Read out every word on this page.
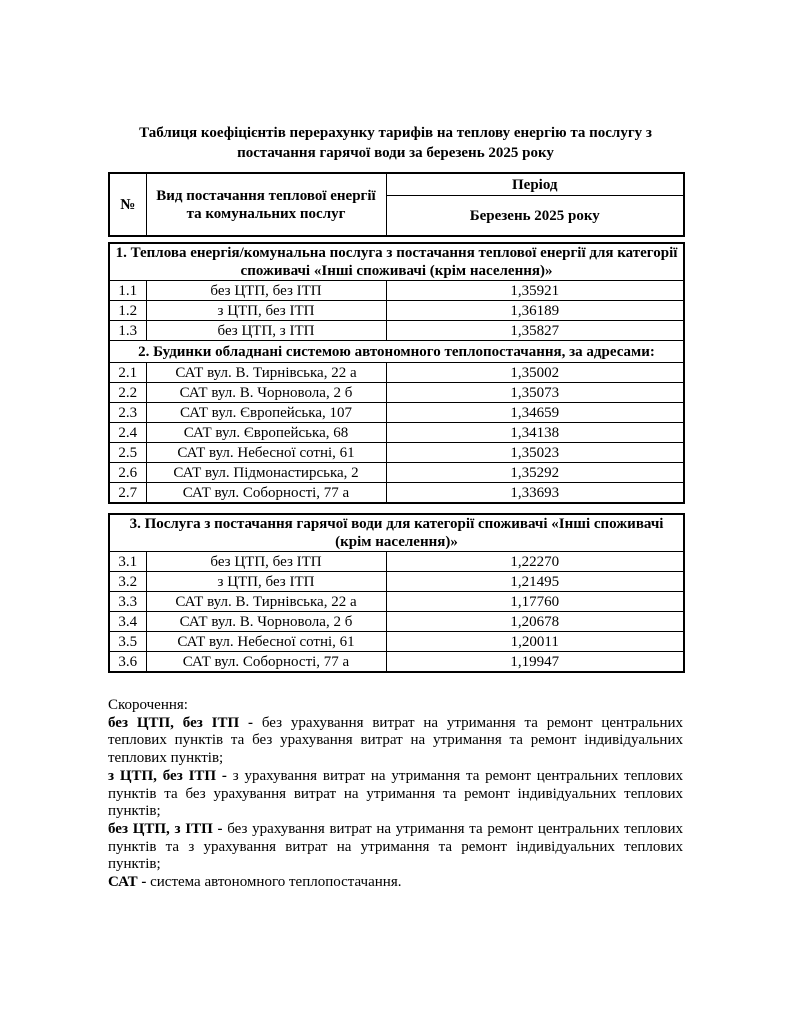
Таблиця коефіцієнтів перерахунку тарифів на теплову енергію та послугу з постачання гарячої води за березень 2025 року
№	Вид постачання теплової енергії та комунальних послуг	Період
Березень 2025 року
1. Теплова енергія/комунальна послуга з постачання теплової енергії для категорії споживачі «Інші споживачі (крім населення)»		
1.1	без ЦТП, без ІТП	1,35921
1.2	з ЦТП, без ІТП	1,36189
1.3	без ЦТП, з ІТП	1,35827
2. Будинки обладнані системою автономного теплопостачання, за адресами:		
2.1	САТ вул. В. Тирнівська, 22 а	1,35002
2.2	САТ вул. В. Чорновола, 2 б	1,35073
2.3	САТ вул. Європейська, 107	1,34659
2.4	САТ вул. Європейська, 68	1,34138
2.5	САТ вул. Небесної сотні, 61	1,35023
2.6	САТ вул. Підмонастирська, 2	1,35292
2.7	САТ вул. Соборності, 77 а	1,33693
3. Послуга з постачання гарячої води для категорії споживачі «Інші споживачі (крім населення)»		
3.1	без ЦТП, без ІТП	1,22270
3.2	з ЦТП, без ІТП	1,21495
3.3	САТ вул. В. Тирнівська, 22 а	1,17760
3.4	САТ вул. В. Чорновола, 2 б	1,20678
3.5	САТ вул. Небесної сотні, 61	1,20011
3.6	САТ вул. Соборності, 77 а	1,19947
Скорочення:

без ЦТП, без ІТП - без урахування витрат на утримання та ремонт центральних теплових пунктів та без урахування витрат на утримання та ремонт індивідуальних теплових пунктів;

з ЦТП, без ІТП - з урахування витрат на утримання та ремонт центральних теплових пунктів та без урахування витрат на утримання та ремонт індивідуальних теплових пунктів;

без ЦТП, з ІТП - без урахування витрат на утримання та ремонт центральних теплових пунктів та з урахування витрат на утримання та ремонт індивідуальних теплових пунктів;

САТ - система автономного теплопостачання.
